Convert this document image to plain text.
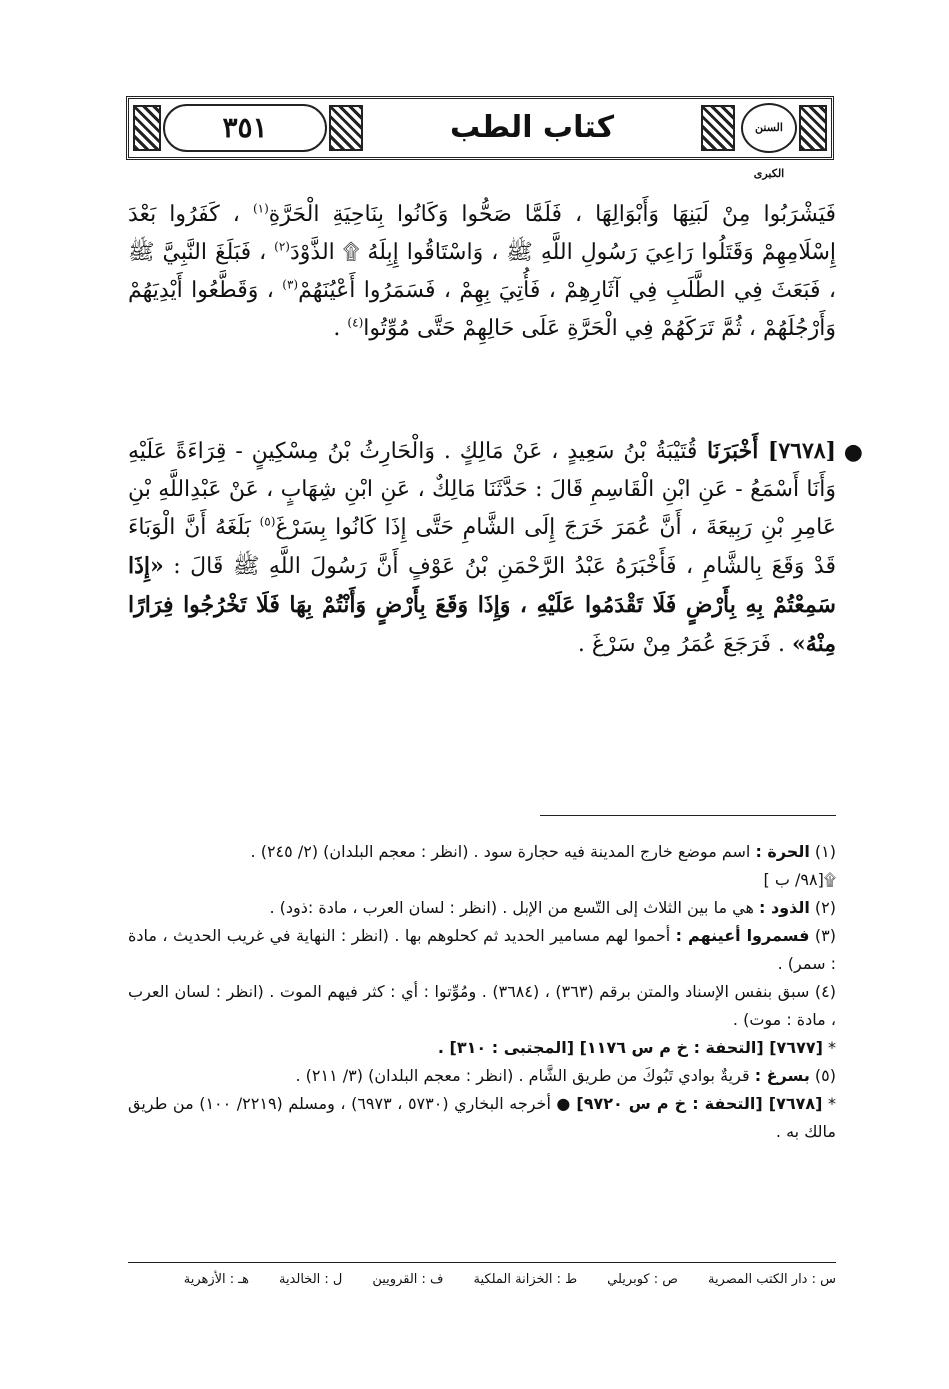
٣٥١	كتاب الطب	السنن الكبرى

فَيَشْرَبُوا مِنْ لَبَنِهَا وَأَبْوَالِهَا ، فَلَمَّا صَحُّوا وَكَانُوا بِنَاحِيَةِ الْحَرَّةِ$^{(١)}$ ، كَفَرُوا بَعْدَ إِسْلَامِهِمْ وَقَتَلُوا رَاعِيَ رَسُولِ اللَّهِ ﷺ ، وَاسْتَاقُوا إِبِلَهُ ۩ الذَّوْدَ$^{(٢)}$ ، فَبَلَغَ النَّبِيَّ ﷺ ، فَبَعَثَ فِي الطَّلَبِ فِي آثَارِهِمْ ، فَأُتِيَ بِهِمْ ، فَسَمَرُوا أَعْيُنَهُمْ$^{(٣)}$ ، وَقَطَّعُوا أَيْدِيَهُمْ وَأَرْجُلَهُمْ ، ثُمَّ تَرَكَهُمْ فِي الْحَرَّةِ عَلَى حَالِهِمْ حَتَّى مُوِّتُوا$^{(٤)}$ .

●

[٧٦٧٨] أَخْبَرَنَا قُتَيْبَةُ بْنُ سَعِيدٍ ، عَنْ مَالِكٍ . وَالْحَارِثُ بْنُ مِسْكِينٍ - قِرَاءَةً عَلَيْهِ وَأَنَا أَسْمَعُ - عَنِ ابْنِ الْقَاسِمِ قَالَ : حَدَّثَنَا مَالِكٌ ، عَنِ ابْنِ شِهَابٍ ، عَنْ عَبْدِاللَّهِ بْنِ عَامِرِ بْنِ رَبِيعَةَ ، أَنَّ عُمَرَ خَرَجَ إِلَى الشَّامِ حَتَّى إِذَا كَانُوا بِسَرْغَ$^{(٥)}$ بَلَغَهُ أَنَّ الْوَبَاءَ قَدْ وَقَعَ بِالشَّامِ ، فَأَخْبَرَهُ عَبْدُ الرَّحْمَنِ بْنُ عَوْفٍ أَنَّ رَسُولَ اللَّهِ ﷺ قَالَ : «إِذَا سَمِعْتُمْ بِهِ بِأَرْضٍ فَلَا تَقْدَمُوا عَلَيْهِ ، وَإِذَا وَقَعَ بِأَرْضٍ وَأَنْتُمْ بِهَا فَلَا تَخْرُجُوا فِرَارًا مِنْهُ» . فَرَجَعَ عُمَرُ مِنْ سَرْغَ .

(١) الحرة : اسم موضع خارج المدينة فيه حجارة سود . (انظر : معجم البلدان) (٢/ ٢٤٥) .

۩[٩٨/ ب ]

(٢) الذود : هي ما بين الثلاث إلى التّسع من الإبل . (انظر : لسان العرب ، مادة :ذود) .

(٣) فسمروا أعينهم : أحموا لهم مسامير الحديد ثم كحلوهم بها . (انظر : النهاية في غريب الحديث ، مادة : سمر) .

(٤) سبق بنفس الإسناد والمتن برقم (٣٦٣) ، (٣٦٨٤) . ومُوِّتوا : أي : كثر فيهم الموت . (انظر : لسان العرب ، مادة : موت) .

* [٧٦٧٧] [التحفة : خ م س ١١٧٦] [المجتبى : ٣١٠] .

(٥) بسرغ : قريةٌ بوادي تَبُوكَ من طريق الشَّام . (انظر : معجم البلدان) (٣/ ٢١١) .

* [٧٦٧٨] [التحفة : خ م س ٩٧٢٠] ● أخرجه البخاري (٥٧٣٠ ، ٦٩٧٣) ، ومسلم (٢٢١٩/ ١٠٠) من طريق مالك به .

س : دار الكتب المصرية
ص : كوبريلي
ط : الخزانة الملكية
ف : القرويين
ل : الخالدية
هـ : الأزهرية
